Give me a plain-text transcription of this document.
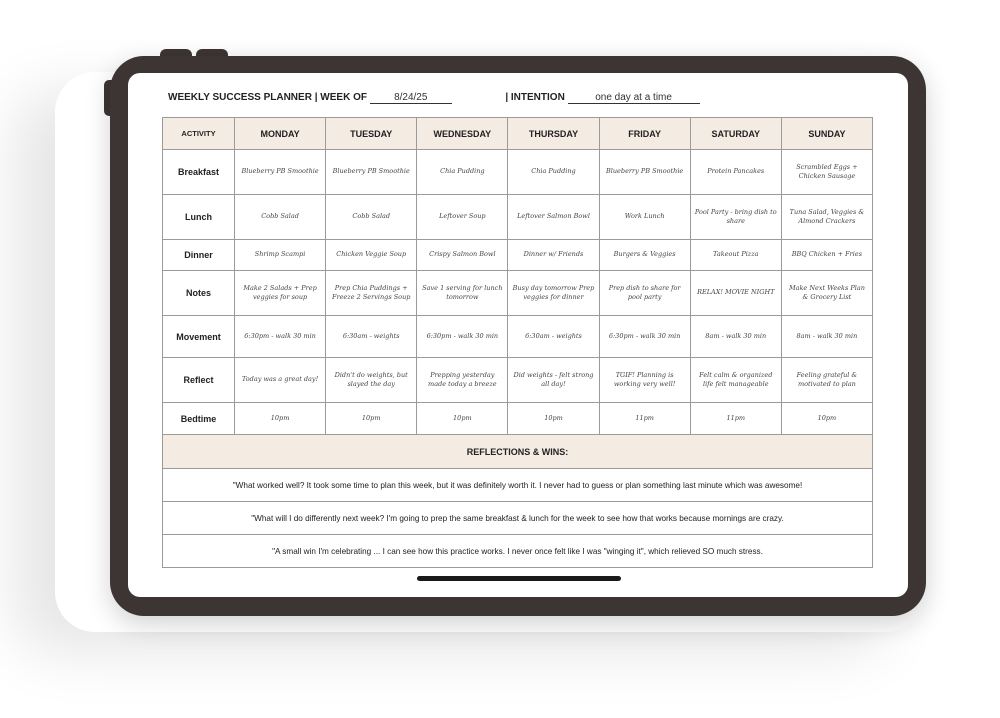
WEEKLY SUCCESS PLANNER | WEEK OF	8/24/25	| INTENTION	one day at a time
ACTIVITY	MONDAY	TUESDAY	WEDNESDAY	THURSDAY	FRIDAY	SATURDAY	SUNDAY
Breakfast	Blueberry PB Smoothie	Blueberry PB Smoothie	Chia Pudding	Chia Pudding	Blueberry PB Smoothie	Protein Pancakes	Scrambled Eggs + Chicken Sausage
Lunch	Cobb Salad	Cobb Salad	Leftover Soup	Leftover Salmon Bowl	Work Lunch	Pool Party - bring dish to share	Tuna Salad, Veggies & Almond Crackers
Dinner	Shrimp Scampi	Chicken Veggie Soup	Crispy Salmon Bowl	Dinner w/ Friends	Burgers & Veggies	Takeout Pizza	BBQ Chicken + Fries
Notes	Make 2 Salads + Prep veggies for soup	Prep Chia Puddings + Freeze 2 Servings Soup	Save 1 serving for lunch tomorrow	Busy day tomorrow Prep veggies for dinner	Prep dish to share for pool party	RELAX! MOVIE NIGHT	Make Next Weeks Plan & Grocery List
Movement	6:30pm - walk 30 min	6:30am - weights	6:30pm - walk 30 min	6:30am - weights	6:30pm - walk 30 min	8am - walk 30 min	8am - walk 30 min
Reflect	Today was a great day!	Didn't do weights, but slayed the day	Prepping yesterday made today a breeze	Did weights - felt strong all day!	TGIF! Planning is working very well!	Felt calm & organized life felt manageable	Feeling grateful & motivated to plan
Bedtime	10pm	10pm	10pm	10pm	11pm	11pm	10pm
REFLECTIONS & WINS:							
"What worked well? It took some time to plan this week, but it was definitely worth it. I never had to guess or plan something last minute which was awesome!							
"What will I do differently next week? I'm going to prep the same breakfast & lunch for the week to see how that works because mornings are crazy.							
"A small win I'm celebrating ... I can see how this practice works. I never once felt like I was "winging it", which relieved SO much stress.							
